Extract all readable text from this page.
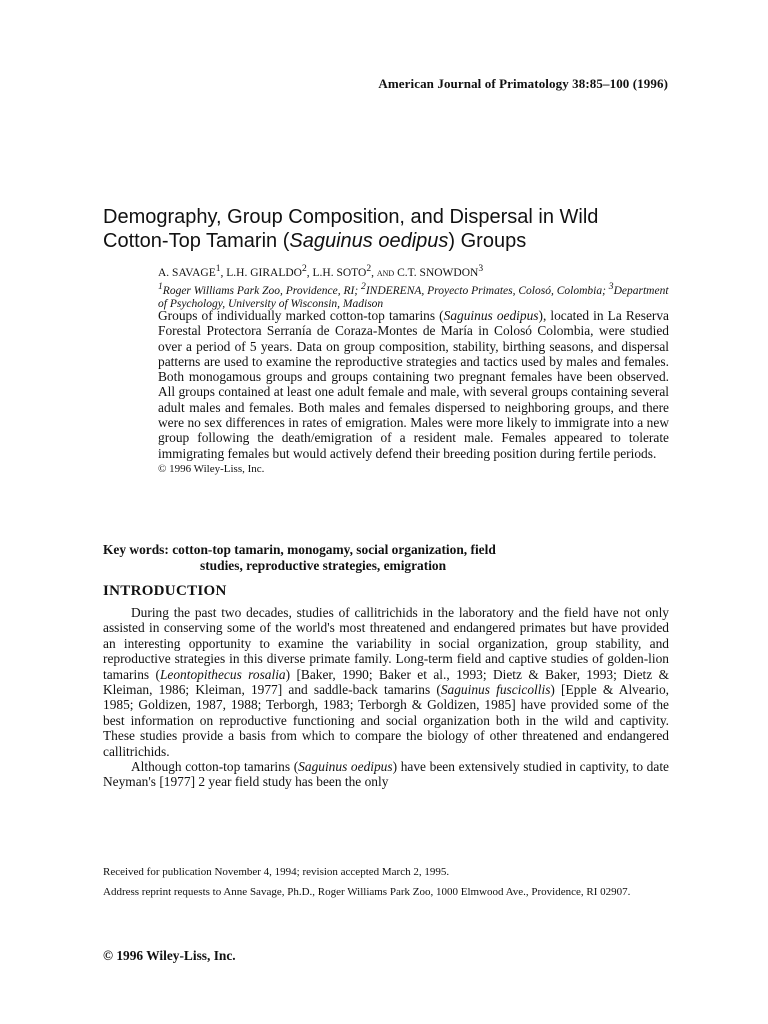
American Journal of Primatology 38:85–100 (1996)
Demography, Group Composition, and Dispersal in Wild
Cotton-Top Tamarin (Saguinus oedipus) Groups
A. SAVAGE$^1$, L.H. GIRALDO$^2$, L.H. SOTO$^2$, and C.T. SNOWDON$^3$
$^1$Roger Williams Park Zoo, Providence, RI; $^2$INDERENA, Proyecto Primates, Colosó, Colombia; $^3$Department of Psychology, University of Wisconsin, Madison
Groups of individually marked cotton-top tamarins (Saguinus oedipus), located in La Reserva Forestal Protectora Serranía de Coraza-Montes de María in Colosó Colombia, were studied over a period of 5 years. Data on group composition, stability, birthing seasons, and dispersal patterns are used to examine the reproductive strategies and tactics used by males and females. Both monogamous groups and groups containing two pregnant females have been observed. All groups contained at least one adult female and male, with several groups containing several adult males and females. Both males and females dispersed to neighboring groups, and there were no sex differences in rates of emigration. Males were more likely to immigrate into a new group following the death/emigration of a resident male. Females appeared to tolerate immigrating females but would actively defend their breeding position during fertile periods.
© 1996 Wiley-Liss, Inc.
Key words: cotton-top tamarin, monogamy, social organization, field
studies, reproductive strategies, emigration
INTRODUCTION

During the past two decades, studies of callitrichids in the laboratory and the field have not only assisted in conserving some of the world's most threatened and endangered primates but have provided an interesting opportunity to examine the variability in social organization, group stability, and reproductive strategies in this diverse primate family. Long-term field and captive studies of golden-lion tamarins (Leontopithecus rosalia) [Baker, 1990; Baker et al., 1993; Dietz & Baker, 1993; Dietz & Kleiman, 1986; Kleiman, 1977] and saddle-back tamarins (Saguinus fuscicollis) [Epple & Alveario, 1985; Goldizen, 1987, 1988; Terborgh, 1983; Terborgh & Goldizen, 1985] have provided some of the best information on reproductive functioning and social organization both in the wild and captivity. These studies provide a basis from which to compare the biology of other threatened and endangered callitrichids.

Although cotton-top tamarins (Saguinus oedipus) have been extensively studied in captivity, to date Neyman's [1977] 2 year field study has been the only

Received for publication November 4, 1994; revision accepted March 2, 1995.

Address reprint requests to Anne Savage, Ph.D., Roger Williams Park Zoo, 1000 Elmwood Ave., Providence, RI 02907.

© 1996 Wiley-Liss, Inc.
